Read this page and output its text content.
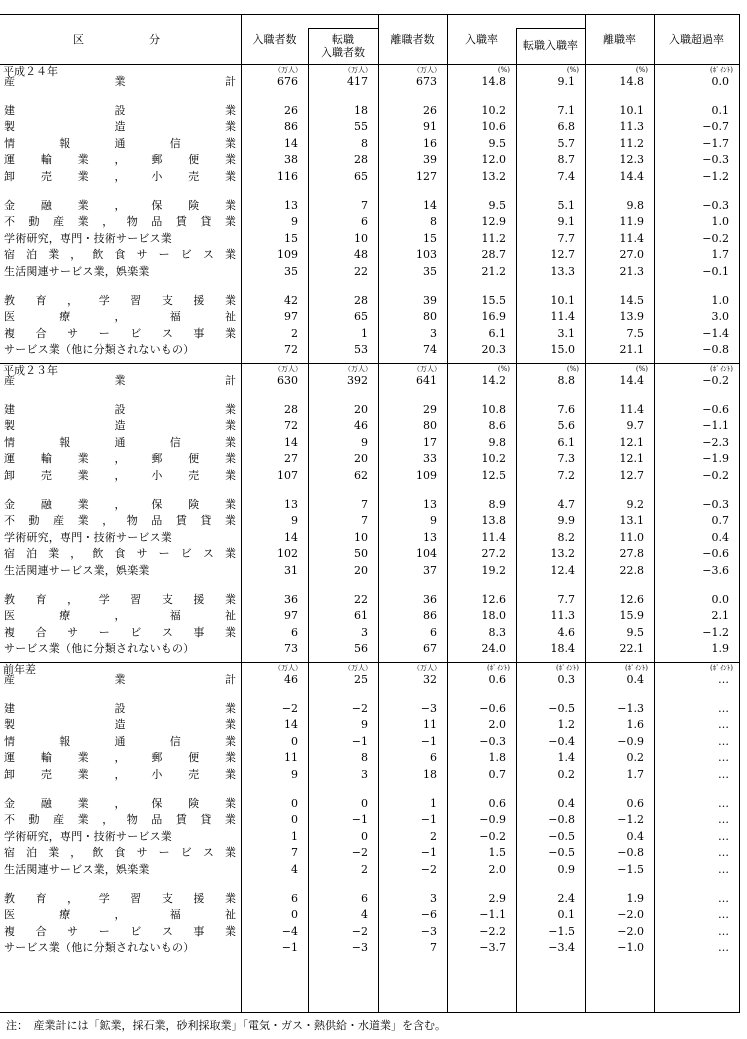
区　　　分	入職者数	転職
入職者数
離職者数	入職率	転職入職率	離職率	入職超過率
平成２４年	（万人）	（万人）	（万人）	(%)	(%)	(%)	(ﾎﾟｲﾝﾄ)
産	業	計	676	417	673	14.8	9.1	14.8	0.0
建	設	業	26	18	26	10.2	7.1	10.1	0.1
製	造	業	86	55	91	10.6	6.8	11.3	−0.7
情	報	通	信	業	14	8	16	9.5	5.7	11.2	−1.7
運 輸 業 ， 郵 便 業	38	28	39	12.0	8.7	12.3	−0.3
卸 売 業 ， 小 売 業	116	65	127	13.2	7.4	14.4	−1.2
金 融 業 ， 保 険 業	13	7	14	9.5	5.1	9.8	−0.3
不 動 産 業 ， 物 品 賃 貸 業	9	6	8	12.9	9.1	11.9	1.0
学術研究，専門・技術サービス業	15	10	15	11.2	7.7	11.4	−0.2
宿 泊 業 ， 飲 食 サ ー ビ ス 業	109	48	103	28.7	12.7	27.0	1.7
生活関連サービス業，娯楽業	35	22	35	21.2	13.3	21.3	−0.1
教 育 ， 学 習 支 援 業	42	28	39	15.5	10.1	14.5	1.0
医	療	，	福	祉	97	65	80	16.9	11.4	13.9	3.0
複 合 サ ー ビ ス 事 業	2	1	3	6.1	3.1	7.5	−1.4
サービス業（他に分類されないもの）	72	53	74	20.3	15.0	21.1	−0.8
平成２３年	（万人）	（万人）	（万人）	(%)	(%)	(%)	(ﾎﾟｲﾝﾄ)
産	業	計	630	392	641	14.2	8.8	14.4	−0.2
建	設	業	28	20	29	10.8	7.6	11.4	−0.6
製	造	業	72	46	80	8.6	5.6	9.7	−1.1
情	報	通	信	業	14	9	17	9.8	6.1	12.1	−2.3
運 輸 業 ， 郵 便 業	27	20	33	10.2	7.3	12.1	−1.9
卸 売 業 ， 小 売 業	107	62	109	12.5	7.2	12.7	−0.2
金 融 業 ， 保 険 業	13	7	13	8.9	4.7	9.2	−0.3
不 動 産 業 ， 物 品 賃 貸 業	9	7	9	13.8	9.9	13.1	0.7
学術研究，専門・技術サービス業	14	10	13	11.4	8.2	11.0	0.4
宿 泊 業 ， 飲 食 サ ー ビ ス 業	102	50	104	27.2	13.2	27.8	−0.6
生活関連サービス業，娯楽業	31	20	37	19.2	12.4	22.8	−3.6
教 育 ， 学 習 支 援 業	36	22	36	12.6	7.7	12.6	0.0
医	療	，	福	祉	97	61	86	18.0	11.3	15.9	2.1
複 合 サ ー ビ ス 事 業	6	3	6	8.3	4.6	9.5	−1.2
サービス業（他に分類されないもの）	73	56	67	24.0	18.4	22.1	1.9
前年差	（万人）	（万人）	（万人）	(ﾎﾟｲﾝﾄ)	(ﾎﾟｲﾝﾄ)	(ﾎﾟｲﾝﾄ)	(ﾎﾟｲﾝﾄ)
産	業	計	46	25	32	0.6	0.3	0.4	…
建	設	業	−2	−2	−3	−0.6	−0.5	−1.3	…
製	造	業	14	9	11	2.0	1.2	1.6	…
情	報	通	信	業	0	−1	−1	−0.3	−0.4	−0.9	…
運 輸 業 ， 郵 便 業	11	8	6	1.8	1.4	0.2	…
卸 売 業 ， 小 売 業	9	3	18	0.7	0.2	1.7	…
金 融 業 ， 保 険 業	0	0	1	0.6	0.4	0.6	…
不 動 産 業 ， 物 品 賃 貸 業	0	−1	−1	−0.9	−0.8	−1.2	…
学術研究，専門・技術サービス業	1	0	2	−0.2	−0.5	0.4	…
宿 泊 業 ， 飲 食 サ ー ビ ス 業	7	−2	−1	1.5	−0.5	−0.8	…
生活関連サービス業，娯楽業	4	2	−2	2.0	0.9	−1.5	…
教 育 ， 学 習 支 援 業	6	6	3	2.9	2.4	1.9	…
医	療	，	福	祉	0	4	−6	−1.1	0.1	−2.0	…
複 合 サ ー ビ ス 事 業	−4	−2	−3	−2.2	−1.5	−2.0	…
サービス業（他に分類されないもの）	−1	−3	7	−3.7	−3.4	−1.0	…
注：　産業計には「鉱業，採石業，砂利採取業」「電気・ガス・熱供給・水道業」を含む。
